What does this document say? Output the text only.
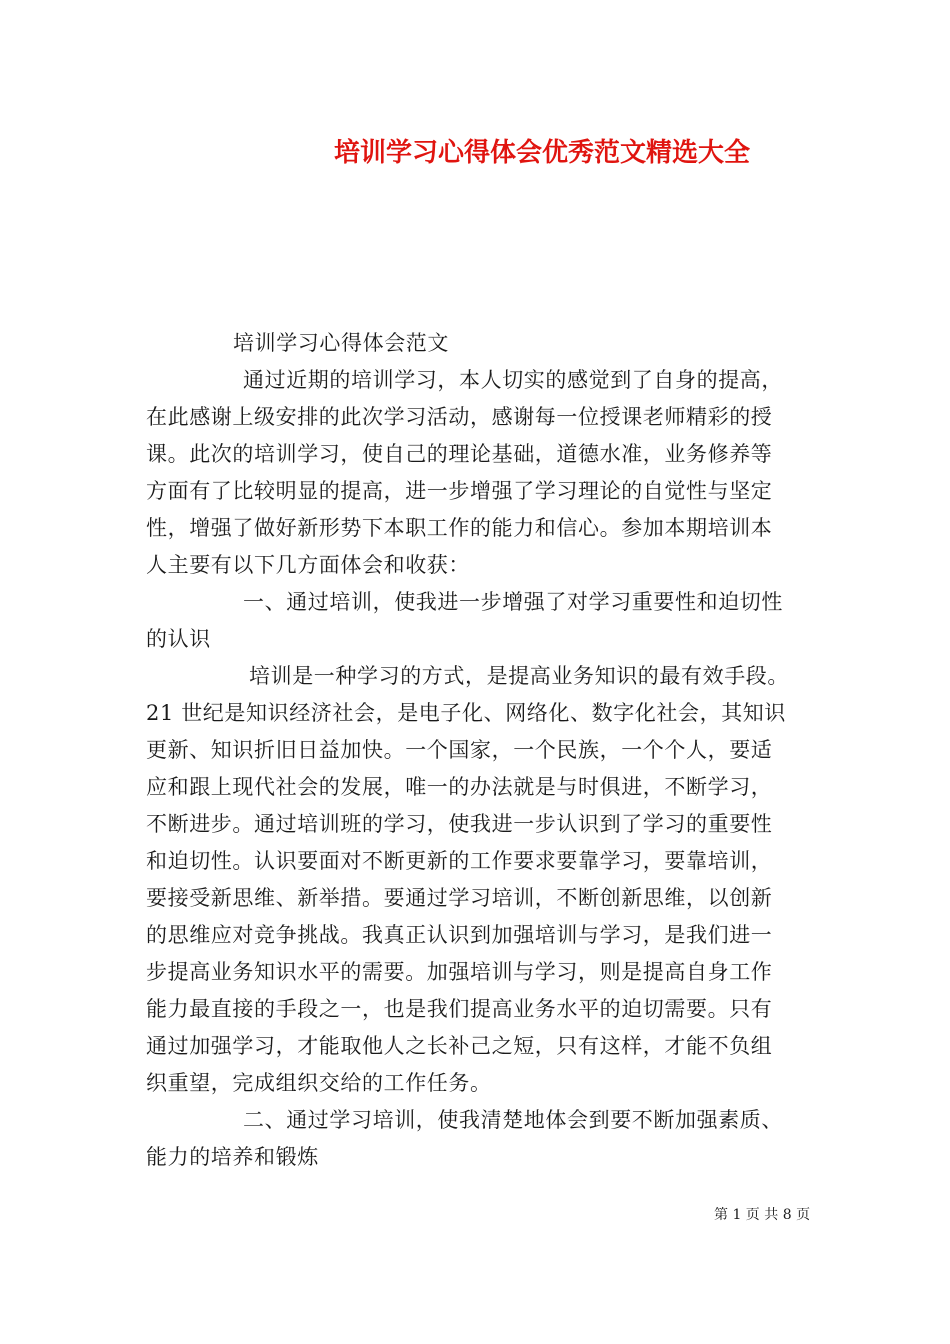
培训学习心得体会优秀范文精选大全
培训学习心得体会范文
通过近期的培训学习，本人切实的感觉到了自身的提高，
在此感谢上级安排的此次学习活动，感谢每一位授课老师精彩的授
课。此次的培训学习，使自己的理论基础，道德水准，业务修养等
方面有了比较明显的提高，进一步增强了学习理论的自觉性与坚定
性，增强了做好新形势下本职工作的能力和信心。参加本期培训本
人主要有以下几方面体会和收获：
一、通过培训，使我进一步增强了对学习重要性和迫切性
的认识
培训是一种学习的方式，是提高业务知识的最有效手段。
21 世纪是知识经济社会，是电子化、网络化、数字化社会，其知识
更新、知识折旧日益加快。一个国家，一个民族，一个个人，要适
应和跟上现代社会的发展，唯一的办法就是与时俱进，不断学习，
不断进步。通过培训班的学习，使我进一步认识到了学习的重要性
和迫切性。认识要面对不断更新的工作要求要靠学习，要靠培训，
要接受新思维、新举措。要通过学习培训，不断创新思维，以创新
的思维应对竞争挑战。我真正认识到加强培训与学习，是我们进一
步提高业务知识水平的需要。加强培训与学习，则是提高自身工作
能力最直接的手段之一，也是我们提高业务水平的迫切需要。只有
通过加强学习，才能取他人之长补己之短，只有这样，才能不负组
织重望，完成组织交给的工作任务。
二、通过学习培训，使我清楚地体会到要不断加强素质、
能力的培养和锻炼
第 1 页 共 8 页
